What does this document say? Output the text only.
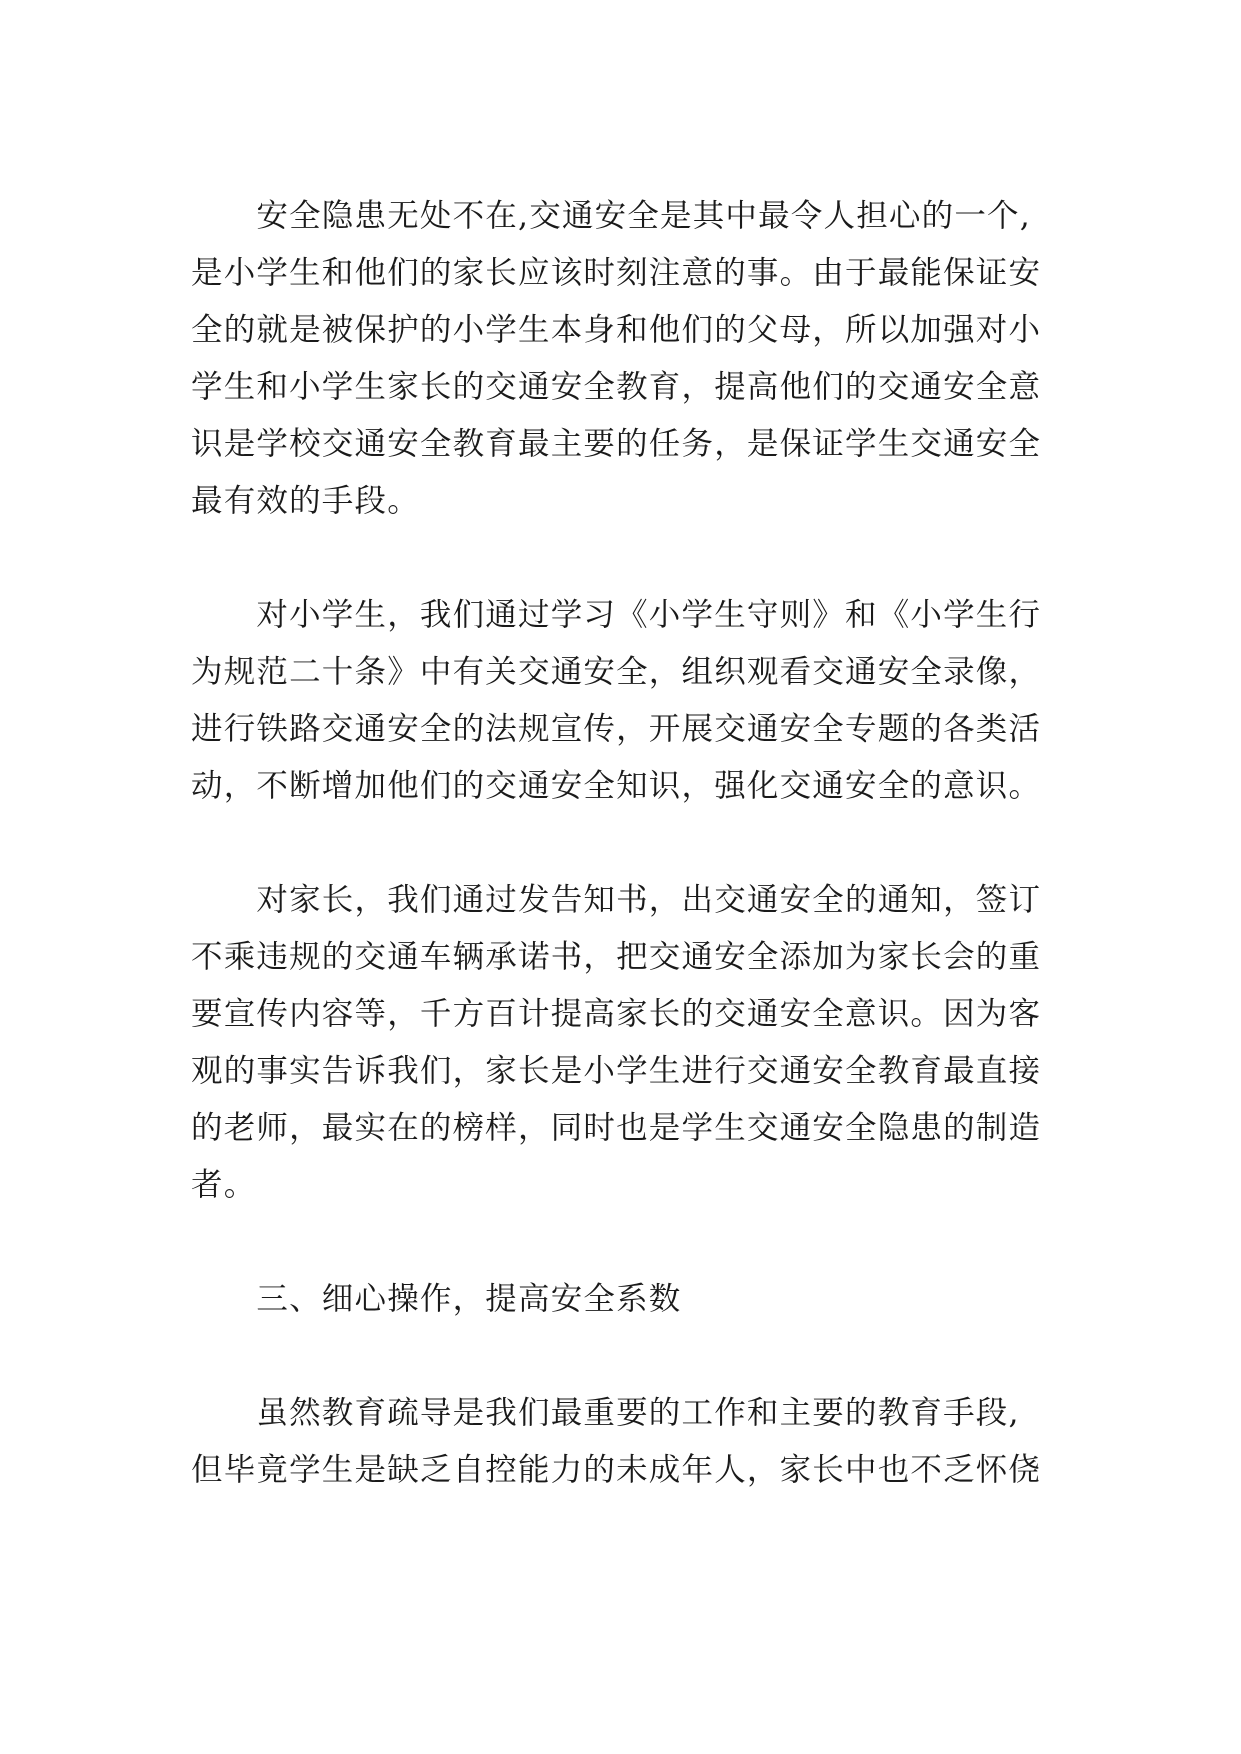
　　安全隐患无处不在,交通安全是其中最令人担心的一个,
是小学生和他们的家长应该时刻注意的事。由于最能保证安
全的就是被保护的小学生本身和他们的父母，所以加强对小
学生和小学生家长的交通安全教育，提高他们的交通安全意
识是学校交通安全教育最主要的任务，是保证学生交通安全
最有效的手段。
　　对小学生，我们通过学习《小学生守则》和《小学生行
为规范二十条》中有关交通安全，组织观看交通安全录像，
进行铁路交通安全的法规宣传，开展交通安全专题的各类活
动，不断增加他们的交通安全知识，强化交通安全的意识。
　　对家长，我们通过发告知书，出交通安全的通知，签订
不乘违规的交通车辆承诺书，把交通安全添加为家长会的重
要宣传内容等，千方百计提高家长的交通安全意识。因为客
观的事实告诉我们，家长是小学生进行交通安全教育最直接
的老师，最实在的榜样，同时也是学生交通安全隐患的制造
者。
　　三、细心操作，提高安全系数
　　虽然教育疏导是我们最重要的工作和主要的教育手段,
但毕竟学生是缺乏自控能力的未成年人，家长中也不乏怀侥
